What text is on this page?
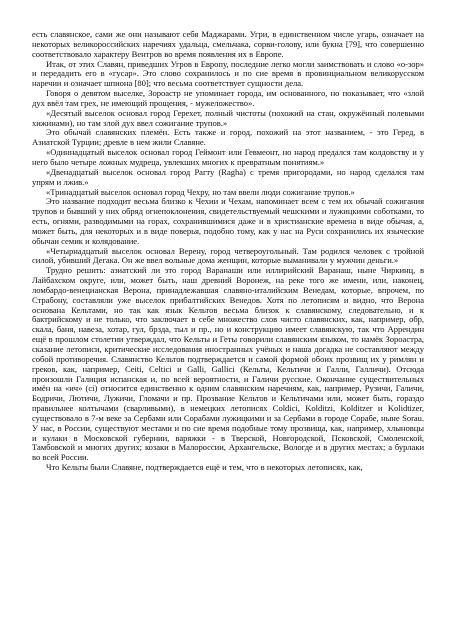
есть славянское, сами же они называют себя Маджарами. Угри, в единственном числе угарь, означает на некоторых великороссийских наречиях удальца, смельчака, сорви-голову, или букна [79], что совершенно соответствовало характеру Вентров во время появления их в Европе.

Итак, от этих Славян, приведших Угров в Европу, последние легко могли заимствовать и слово «о-зор» и передадить его в «гусар». Это слово сохранилось и по сие время в провинциальном великорусском наречии и означает шпиона [80]; что весьма соответствует сущности дела.

Говоря о девятом выселке, Зороастр не упоминает города, им основанного, но показывает, что «злой дух ввёл там грех, не имеющий прощения, - мужеложество».

«Десятый выселок основал город Герехет, полный чистоты (похожий на стан, окружённый полевыми хижинами), но там злой дух ввел сожигание трупов.»

Это обычай славянских племён. Есть также и город, похожий на этот названием, - это Геред, в Азиатской Турции; древле в нем жили Славяне.

«Одиннадцатый выселок основал город Геймонт или Гевмеонт, но народ предался там колдовству и у него было четыре ложных мудреца, увлекших многих к превратным понятиям.»

«Двенадцатый выселок основал город Рагту (Ragha) с тремя пригородами, но народ сделался там упрям и лжив.»

«Тринадцатый выселок основал город Чехру, но там ввели люди сожигание трупов.»

Это название подходит весьма близко к Чехии и Чехам, напоминает всем с тем их обычай сожигания трупов и бывший у них обряд огнепоклонения, свидетельствуемый чешскими и лужицкими соботками, то есть, огнями, разводимыми на горах, сохранившимися даже и в христианские времена в виде обычая, а, может быть, для некоторых и в виде поверья, подобно тому, как у нас на Руси сохранились их языческие обычаи семик и колядование.

«Четырнадцатый выселок основал Верену, город четвероугольный. Там родился человек с тройной силой, убивший Дегака. Он же ввел вольные дома женщин, которые выманивали у мужчин деньги.»

Трудно решить: азиатский ли это город Варанаши или иллирийский Варанаш, ныне Чиркинц, в Лайбахском округе, или, может быть, наш древний Воронеж, на реке того же имени, или, наконец, ломбардо-венецианская Верона, принадлежавшая славяно-италийским Венедам, которые, впрочем, по Страбону, составляли уже выселок прибалтийских Венедов. Хотя по летописям и видно, что Верона основана Кельтами, но так как язык Кельтов весьма близок к славянскому, следовательно, и к бактрийскому и не только, что заключает в себе множество слов чисто славянских, как, например, обр, скала, баня, навеза, хотар, гул, брзда, тыл и пр., но и конструкцию имеет славянскую, так что Арренди́н ещё в прошлом столетии утверждал, что Кельты и Геты говорили славянским языком, то намёк Зороастра, сказание летописи, критические исследования иностранных учёных и наша догадка не составляют между собой противоречия. Славянство Кельтов подтверждается и самой формой обоих прозвищ их у римлян и греков, как, например, Ceiti, Celtici и Galli, Gallici (Кельты, Кельтичи и Галли, Галличи). Отсюда произошли Галиция испанская и, по всей вероятности, и Галичи русские. Окончание существительных имён на «ич» (ci) относится единственно к одним славянским наречиям, как, например, Рузичи, Галичи, Бодричи, Лютичи, Лужичи, Гломачи и пр. Прозвание Кельтов и Кельтичами или, может быть, гоpaздо правильнее колтычами (сварливыми), в немецких летописях Coldici, Kolditzi, Kolditzer и Kolidtizer, существовало в 7-м веке за Сербами или Сорабами лужицкими и за Сербами в городе Сорабе, ныне Sorau. У нас, в России, существуют местами и по сие время подобные тому прозвища, как, например, хлыновцы и кулаки в Московской губернии, варяжки - в Тверской, Новгородской, Псковской, Смоленской, Тамбовской и многих других; козаки в Малороссии, Архангельске, Вологде и в других местах; а бурлаки во всей России.

Что Кельты были Славяне, подтверждается ещё и тем, что в некоторых летописях, как,
